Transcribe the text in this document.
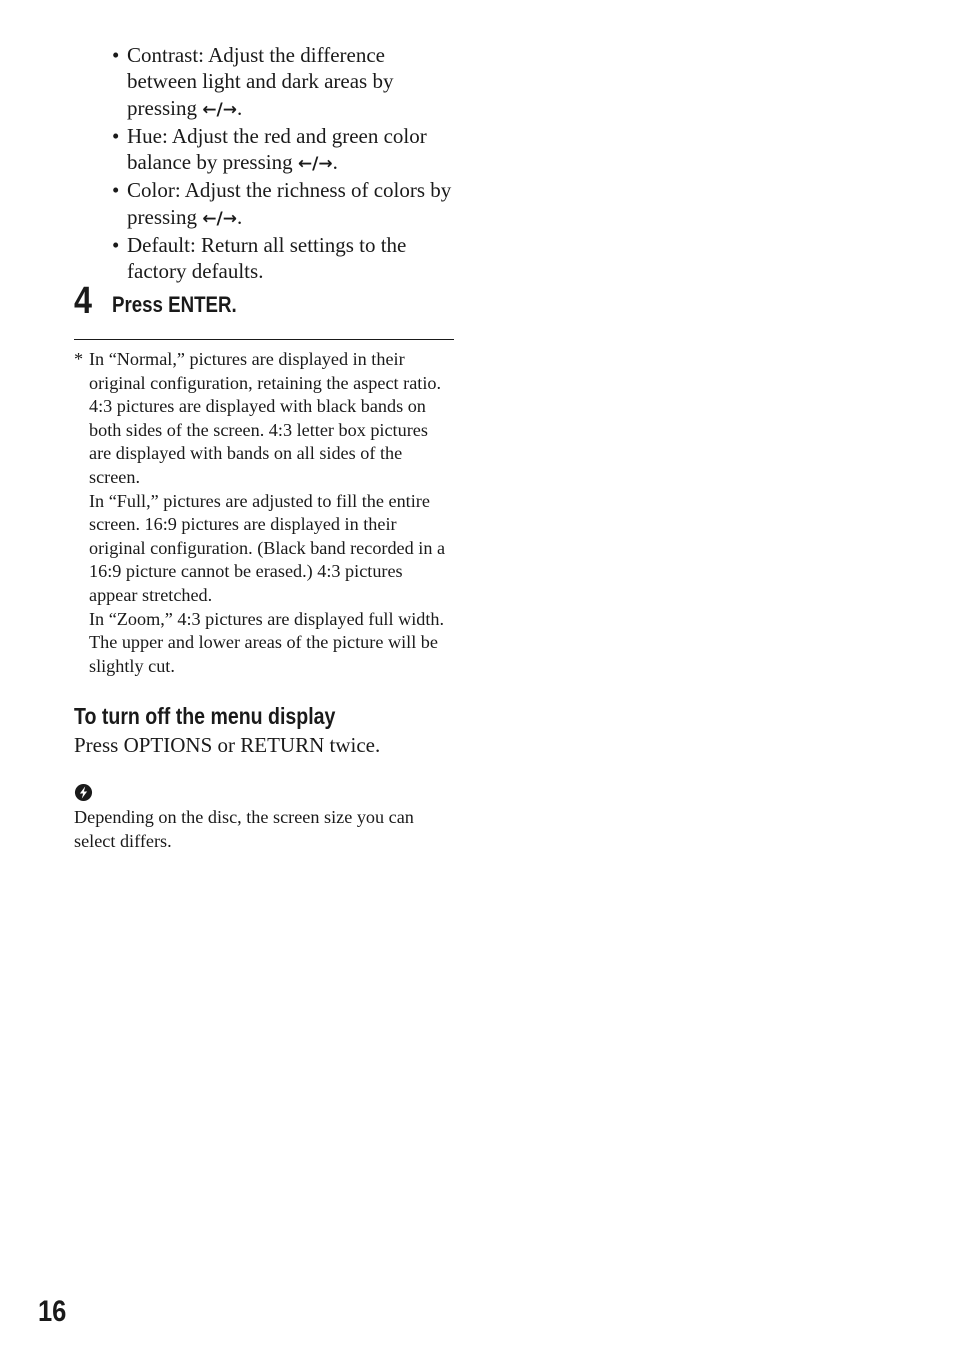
• Contrast: Adjust the difference between light and dark areas by pressing ←/→.
• Hue: Adjust the red and green color balance by pressing ←/→.
• Color: Adjust the richness of colors by pressing ←/→.
• Default: Return all settings to the factory defaults.
4 Press ENTER.
* In “Normal,” pictures are displayed in their original configuration, retaining the aspect ratio. 4:3 pictures are displayed with black bands on both sides of the screen. 4:3 letter box pictures are displayed with bands on all sides of the screen.
In “Full,” pictures are adjusted to fill the entire screen. 16:9 pictures are displayed in their original configuration. (Black band recorded in a 16:9 picture cannot be erased.) 4:3 pictures appear stretched.
In “Zoom,” 4:3 pictures are displayed full width. The upper and lower areas of the picture will be slightly cut.
To turn off the menu display
Press OPTIONS or RETURN twice.
Depending on the disc, the screen size you can select differs.
16
